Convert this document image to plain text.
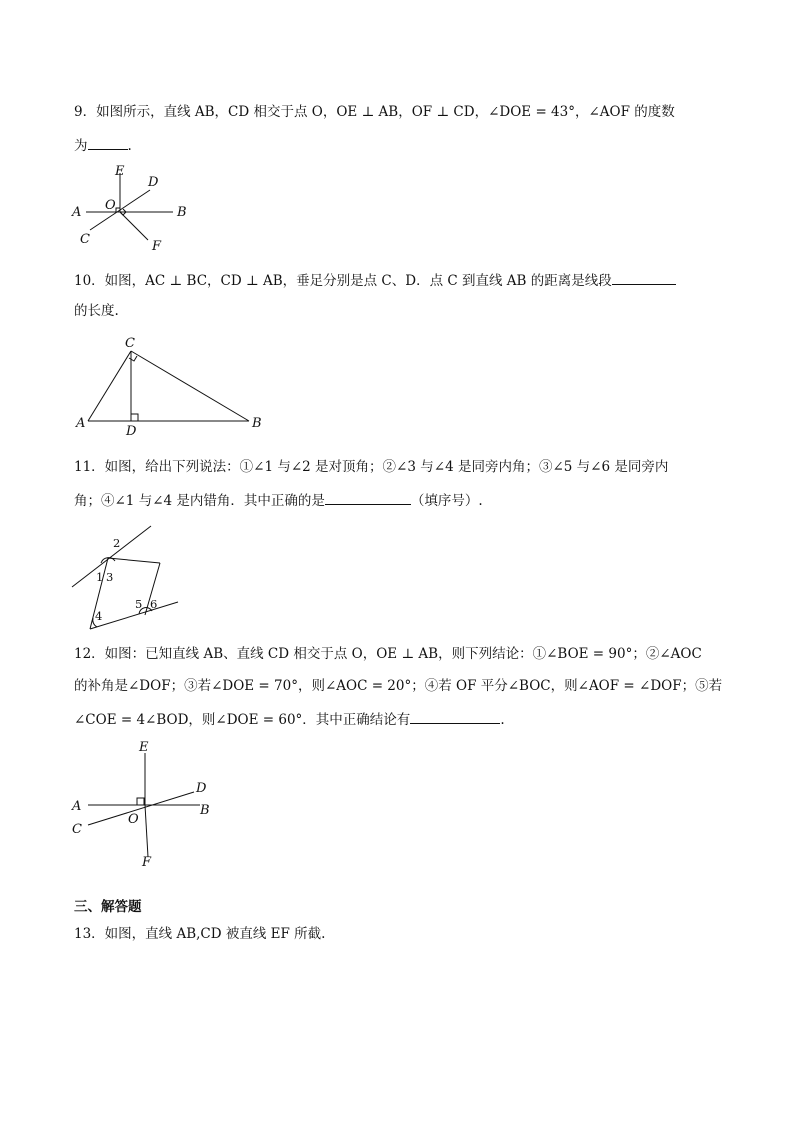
9．如图所示，直线 AB，CD 相交于点 O，OE ⊥ AB，OF ⊥ CD，∠DOE = 43°，∠AOF 的度数
为	.
A	B
C
D
E
F
O
10．如图，AC ⊥ BC，CD ⊥ AB，垂足分别是点 C、D．点 C 到直线 AB 的距离是线段
的长度.
A	B
C
D
11．如图，给出下列说法：①∠1 与∠2 是对顶角；②∠3 与∠4 是同旁内角；③∠5 与∠6 是同旁内
角；④∠1 与∠4 是内错角．其中正确的是	（填序号）.
2
1 3
4
5 6
12．如图：已知直线 AB、直线 CD 相交于点 O，OE ⊥ AB，则下列结论：①∠BOE = 90°；②∠AOC
的补角是∠DOF；③若∠DOE = 70°，则∠AOC = 20°；④若 OF 平分∠BOC，则∠AOF = ∠DOF；⑤若
∠COE = 4∠BOD，则∠DOE = 60°．其中正确结论有	.
A	B
C
D
E
F
O
三、解答题
13．如图，直线 AB,CD 被直线 EF 所截.
